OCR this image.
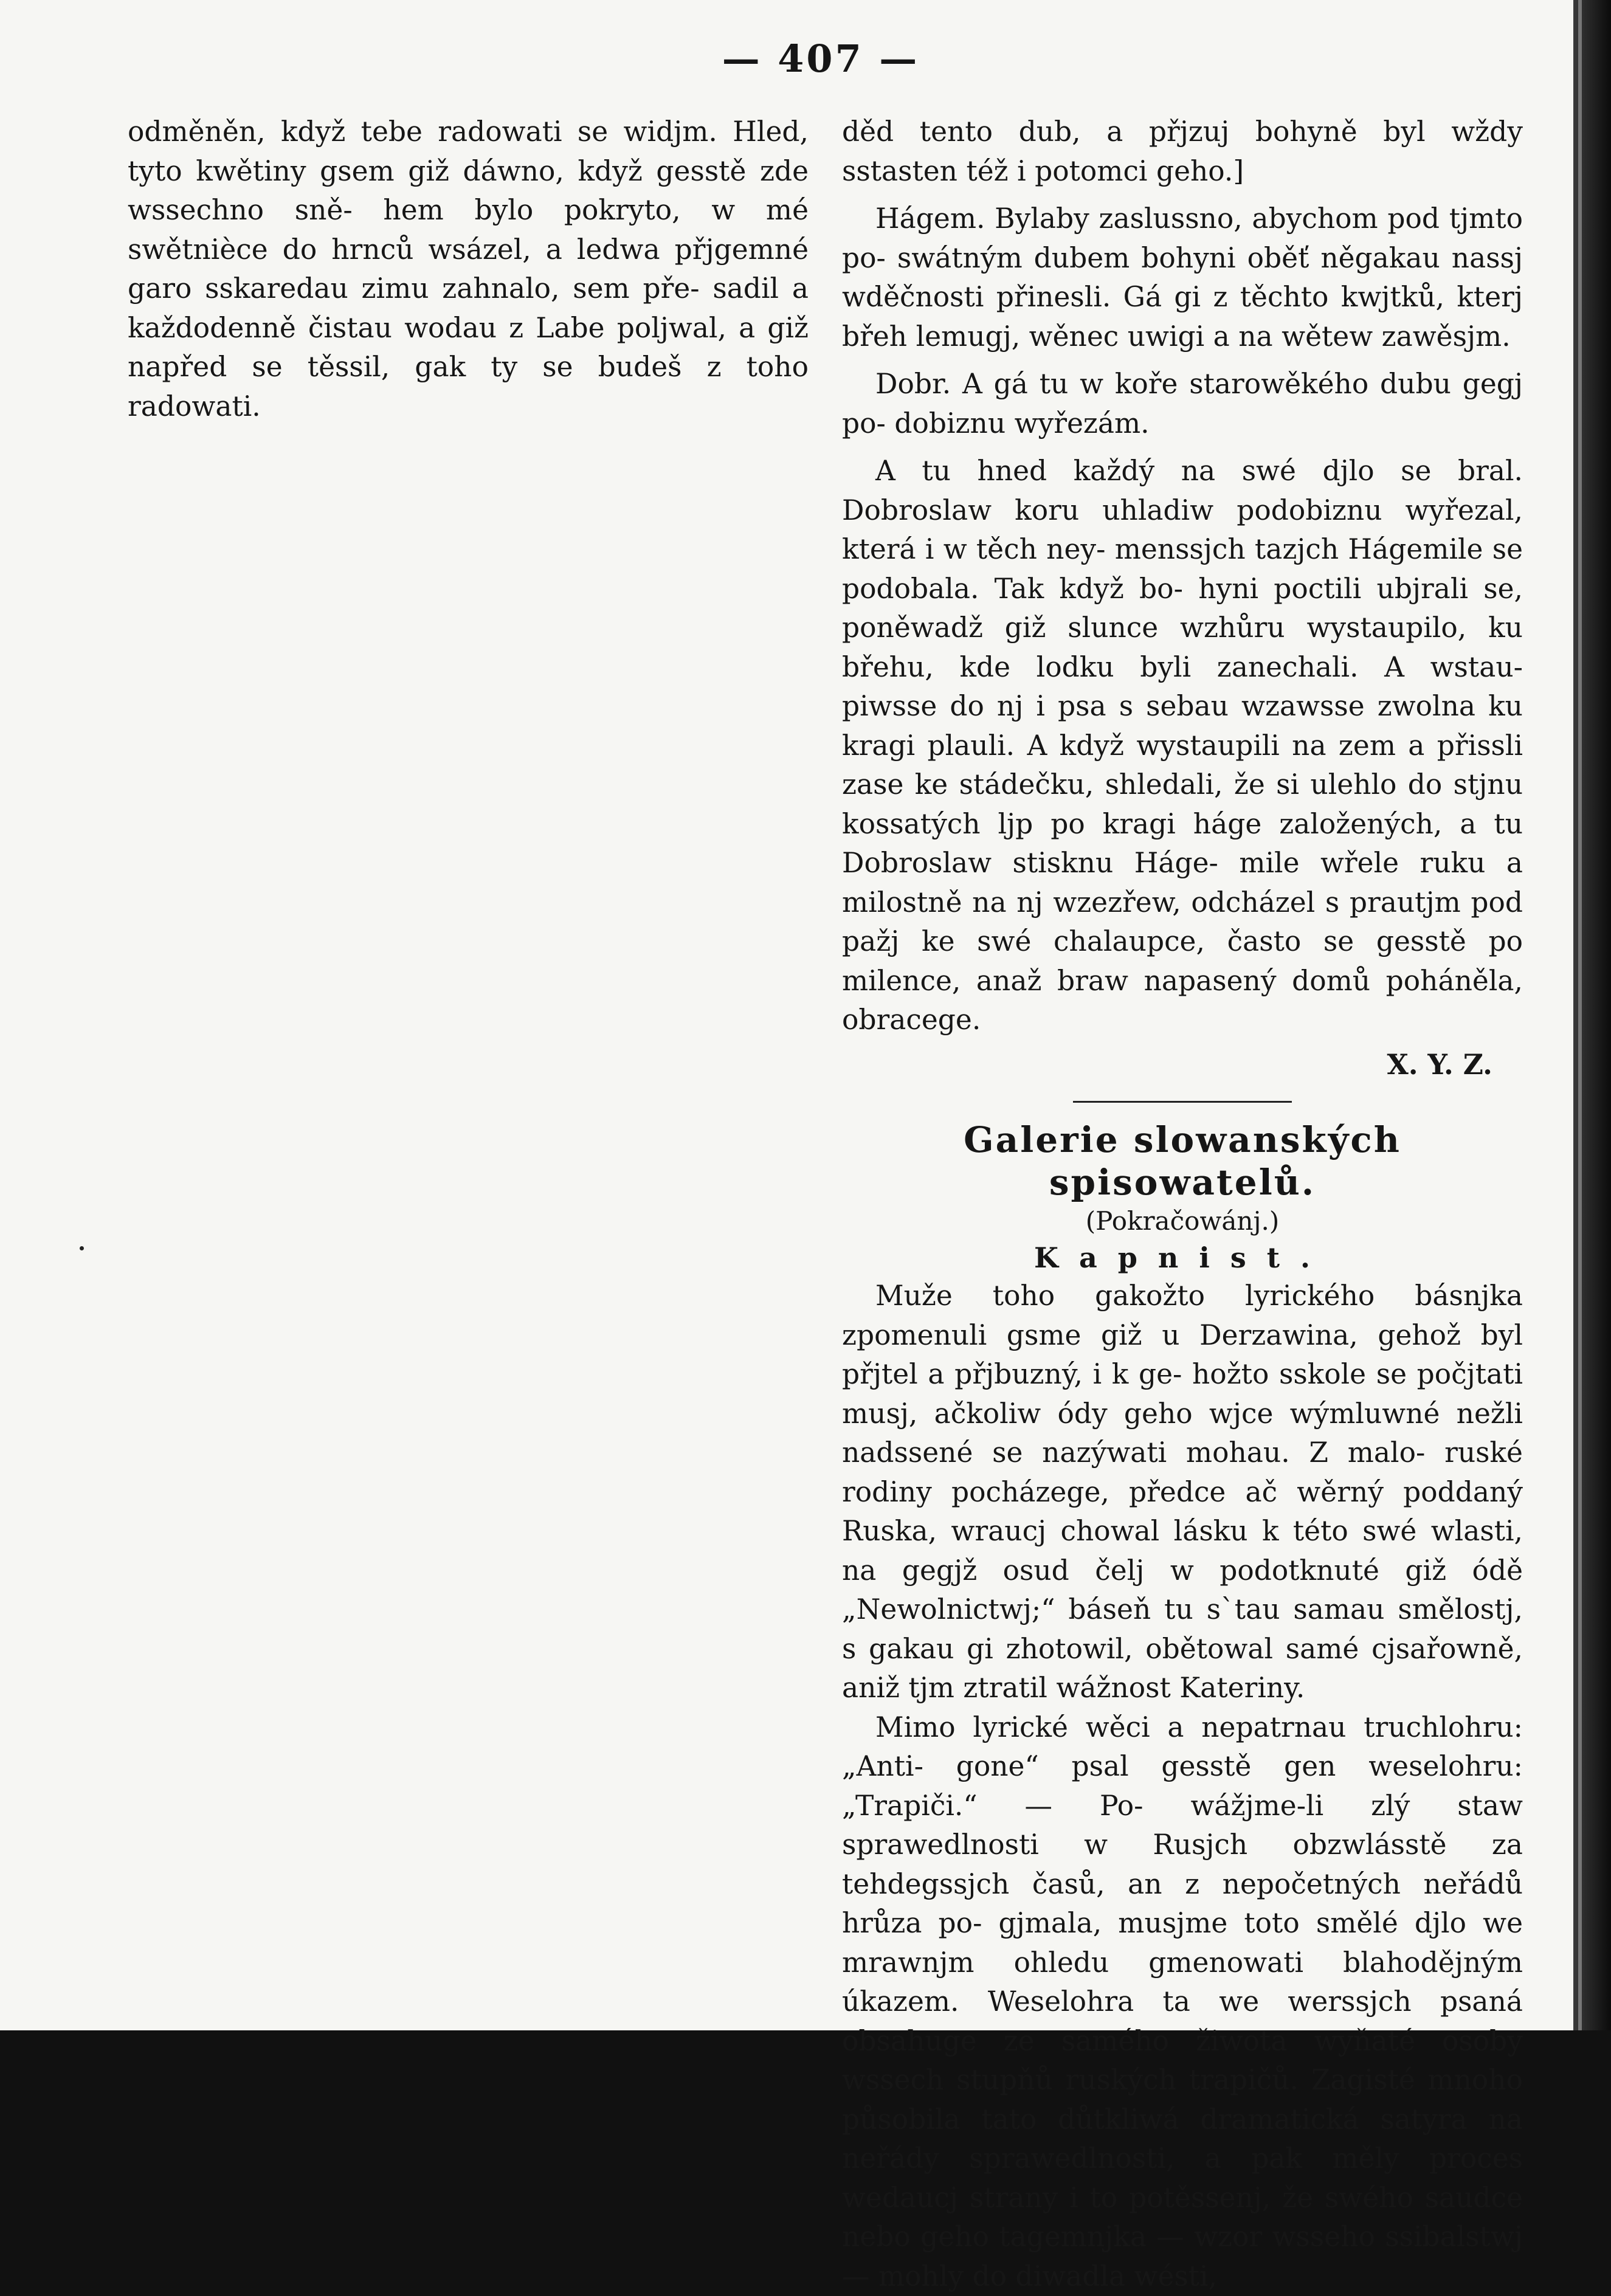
— 407 —

odměněn, když tebe radowati se widjm. Hled, tyto kwětiny gsem giž dáwno, když gesstě zde wssechno sně- hem bylo pokryto, w mé swětnièce do hrnců wsázel, a ledwa přjgemné garo sskaredau zimu zahnalo, sem pře- sadil a každodenně čistau wodau z Labe poljwal, a giž napřed se těssil, gak ty se budeš z toho radowati.

děd tento dub, a přjzuj bohyně byl wždy sstasten též i potomci geho.]

Hágem. Bylaby zaslussno, abychom pod tjmto po- swátným dubem bohyni oběť něgakau nassj wděčnosti přinesli. Gá gi z těchto kwjtků, kterj břeh lemugj, wěnec uwigi a na wětew zawěsjm.

Dobr. A gá tu w koře starowěkého dubu gegj po- dobiznu wyřezám.

A tu hned každý na swé djlo se bral. Dobroslaw koru uhladiw podobiznu wyřezal, která i w těch ney- menssjch tazjch Hágemile se podobala. Tak když bo- hyni poctili ubjrali se, poněwadž giž slunce wzhůru wystaupilo, ku břehu, kde lodku byli zanechali. A wstau- piwsse do nj i psa s sebau wzawsse zwolna ku kragi plauli. A když wystaupili na zem a přissli zase ke stádečku, shledali, že si ulehlo do stjnu kossatých ljp po kragi háge založených, a tu Dobroslaw stisknu Háge- mile wřele ruku a milostně na nj wzezřew, odcházel s prautjm pod pažj ke swé chalaupce, často se gesstě po milence, anaž braw napasený domů poháněla, obracege.

X. Y. Z.

Galerie slowanských spisowatelů.

(Pokračowánj.)

Kapnist.

Muže toho gakožto lyrického básnjka zpomenuli gsme giž u Derzawina, gehož byl přjtel a přjbuzný, i k ge- hožto sskole se počjtati musj, ačkoliw ódy geho wjce wýmluwné nežli nadssené se nazýwati mohau. Z malo- ruské rodiny pocházege, předce ač wěrný poddaný Ruska, wraucj chowal lásku k této swé wlasti, na gegjž osud čelj w podotknuté giž ódě „Newolnictwj;“ báseň tu s`tau samau smělostj, s gakau gi zhotowil, obětowal samé cjsařowně, aniž tjm ztratil wážnost Kateriny.

Mimo lyrické wěci a nepatrnau truchlohru: „Anti- gone“ psal gesstě gen weselohru: „Trapiči.“ — Po- wážjme-li zlý staw sprawedlnosti w Rusjch obzwlásstě za tehdegssjch časů, an z nepočetných neřádů hrůza po- gjmala, musjme toto smělé djlo we mrawnjm ohledu gmenowati blahodějným úkazem. Weselohra ta we werssjch psaná obsahuge ze samého žiwota wyňaté osoby wssech stupňů ruských trapičů. Zagisté mnoho působila tato důtkliwá dramatická satyra na neřády sprawedlnosti, a pak měly proces wedaucj strany i to potěssenj, že swého saudce nebo geho tagemnjka — wzor wsseho ssibalstwj — mohly do diwadla wésti,
